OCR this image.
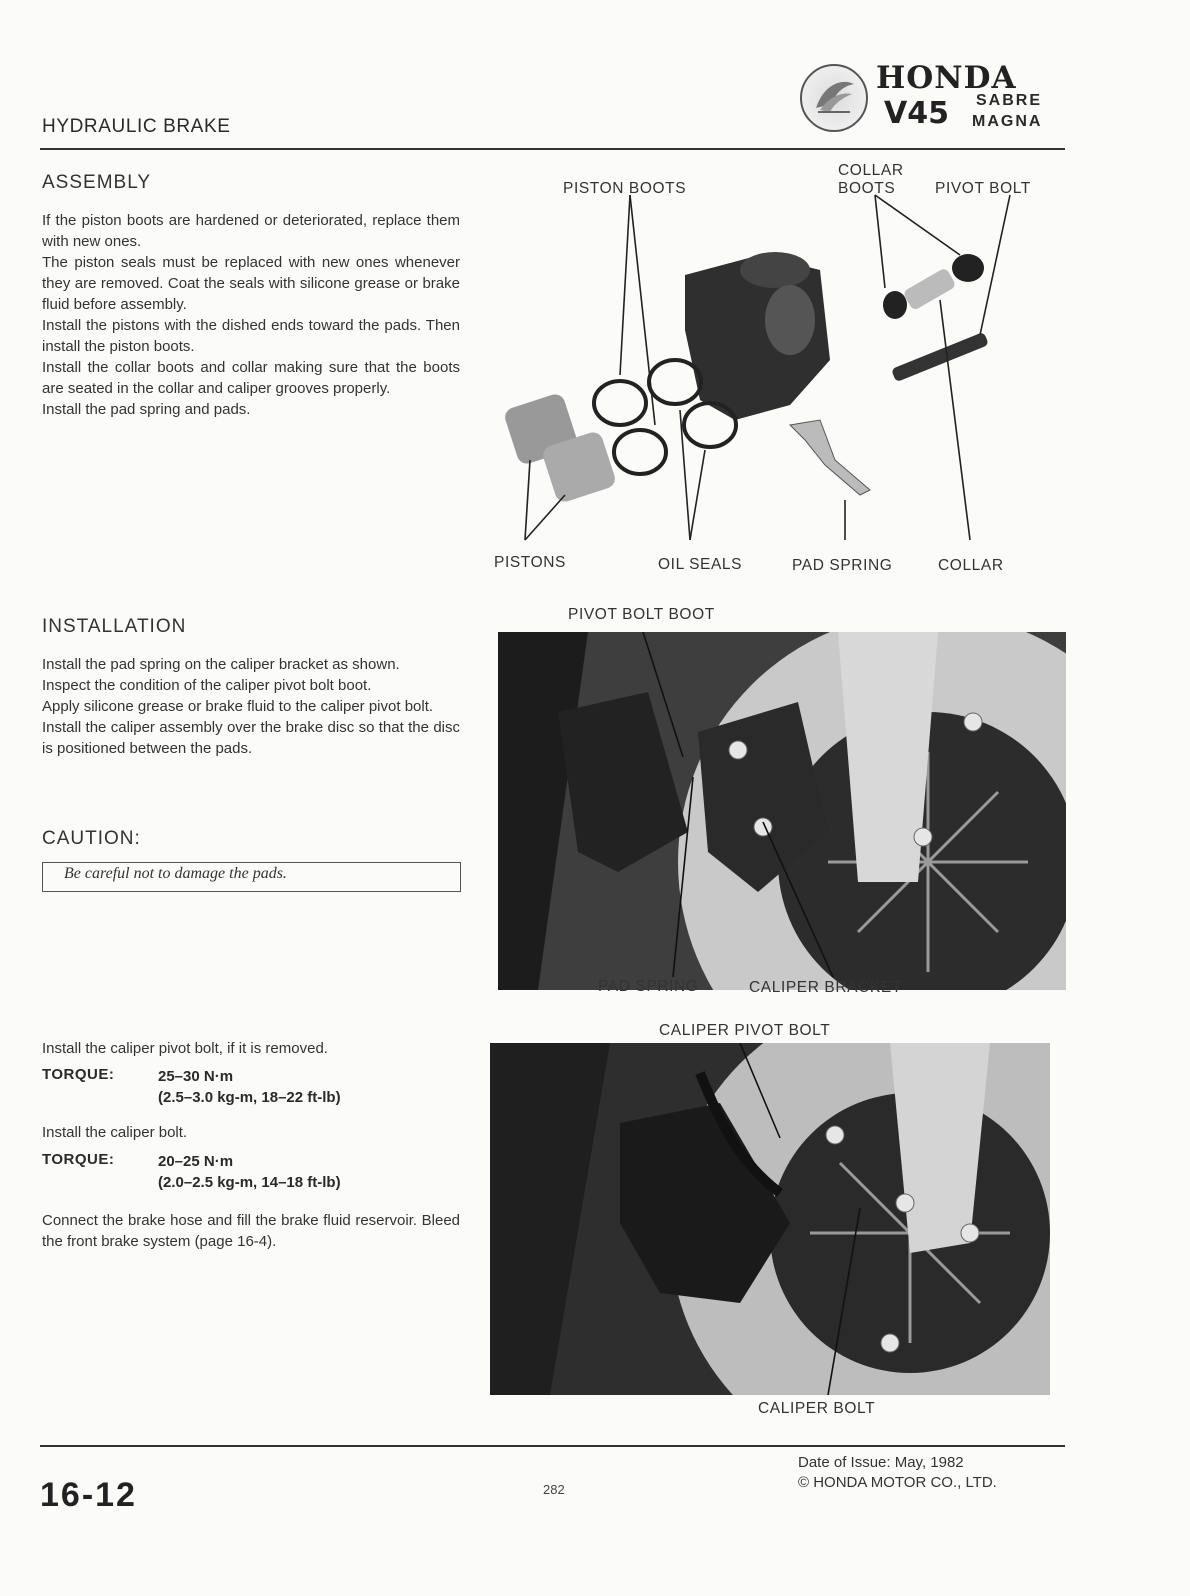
HYDRAULIC BRAKE
HONDA
V45 SABRE
MAGNA
ASSEMBLY

If the piston boots are hardened or deteriorated, replace them with new ones.

The piston seals must be replaced with new ones whenever they are removed. Coat the seals with silicone grease or brake fluid before assembly.

Install the pistons with the dished ends toward the pads. Then install the piston boots.

Install the collar boots and collar making sure that the boots are seated in the collar and caliper grooves properly.

Install the pad spring and pads.

PISTON BOOTS
COLLAR
BOOTS	PIVOT BOLT
PISTONS	OIL SEALS	PAD SPRING	COLLAR
INSTALLATION

Install the pad spring on the caliper bracket as shown.

Inspect the condition of the caliper pivot bolt boot.

Apply silicone grease or brake fluid to the caliper pivot bolt.

Install the caliper assembly over the brake disc so that the disc is positioned between the pads.

CAUTION:
Be careful not to damage the pads.
PIVOT BOLT BOOT
PAD SPRING	CALIPER BRACKET
Install the caliper pivot bolt, if it is removed.
TORQUE:	25–30 N·m
(2.5–3.0 kg-m, 18–22 ft-lb)
Install the caliper bolt.
TORQUE:	20–25 N·m
(2.0–2.5 kg-m, 14–18 ft-lb)
Connect the brake hose and fill the brake fluid reservoir. Bleed the front brake system (page 16-4).
CALIPER PIVOT BOLT
CALIPER BOLT
16-12	282
Date of Issue: May, 1982
© HONDA MOTOR CO., LTD.
